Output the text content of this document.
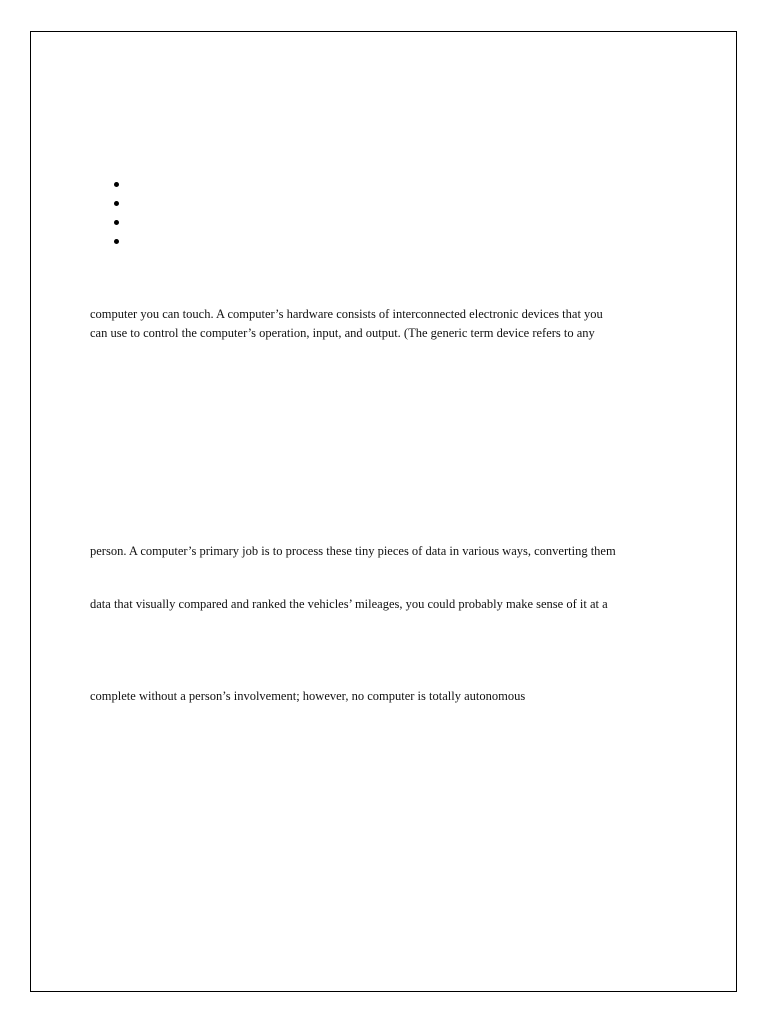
computer you can touch. A computer’s hardware consists of interconnected electronic devices that you

can use to control the computer’s operation, input, and output. (The generic term device refers to any

person. A computer’s primary job is to process these tiny pieces of data in various ways, converting them

data that visually compared and ranked the vehicles’ mileages, you could probably make sense of it at a

complete without a person’s involvement; however, no computer is totally autonomous
